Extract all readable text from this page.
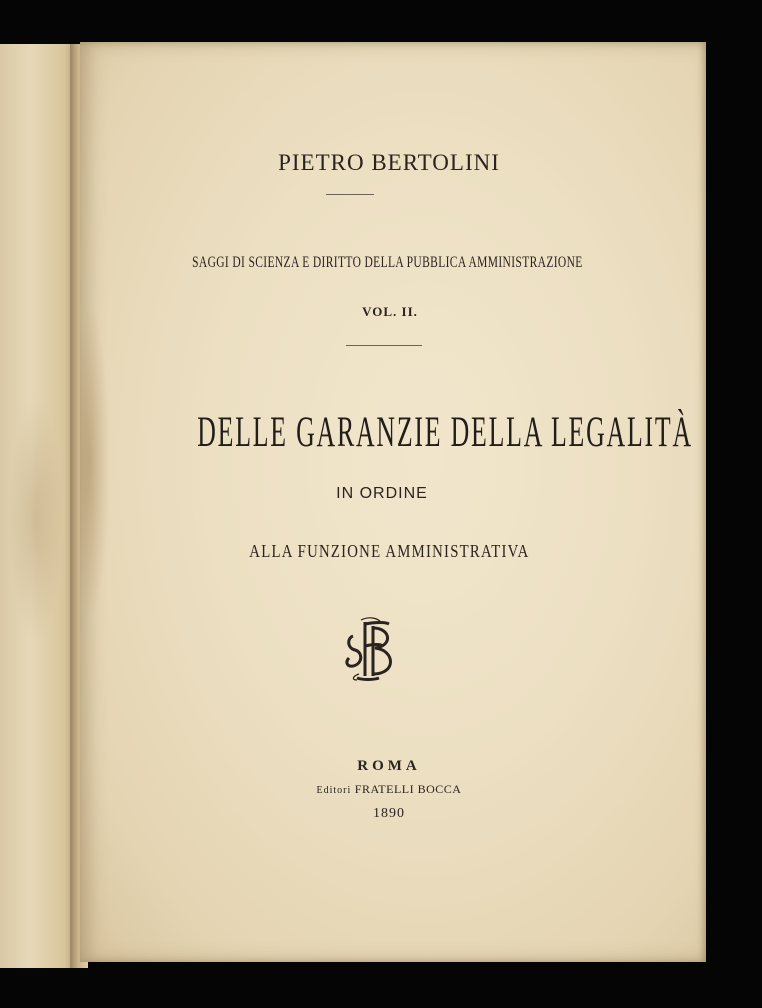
PIETRO BERTOLINI
SAGGI DI SCIENZA E DIRITTO DELLA PUBBLICA AMMINISTRAZIONE
VOL. II.
DELLE GARANZIE DELLA LEGALITÀ
IN ORDINE
ALLA FUNZIONE AMMINISTRATIVA
ROMA
Editori FRATELLI BOCCA
1890
